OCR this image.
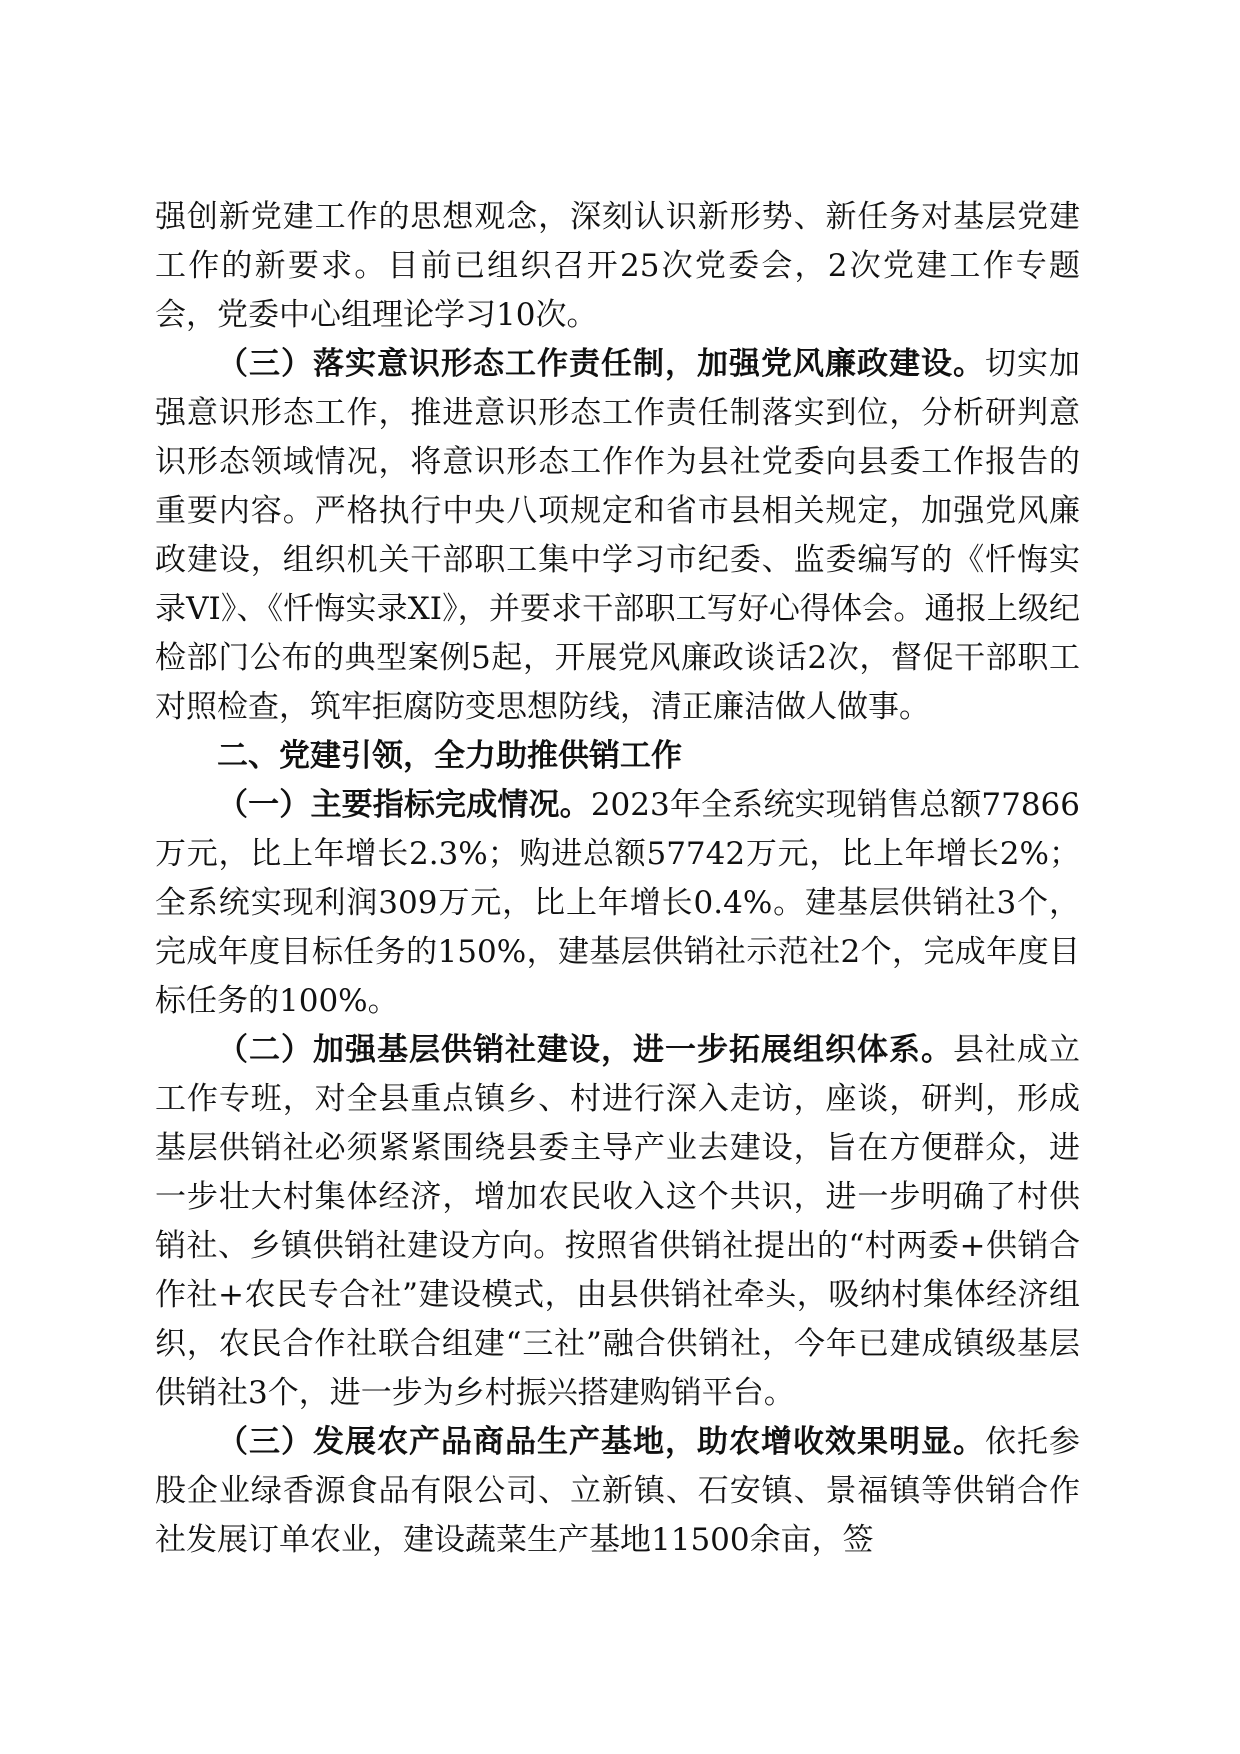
强创新党建工作的思想观念，深刻认识新形势、新任务对基层党建工作的新要求。目前已组织召开25次党委会，2次党建工作专题会，党委中心组理论学习10次。

（三）落实意识形态工作责任制，加强党风廉政建设。切实加强意识形态工作，推进意识形态工作责任制落实到位，分析研判意识形态领域情况，将意识形态工作作为县社党委向县委工作报告的重要内容。严格执行中央八项规定和省市县相关规定，加强党风廉政建设，组织机关干部职工集中学习市纪委、监委编写的《忏悔实录VI》、《忏悔实录XI》，并要求干部职工写好心得体会。通报上级纪检部门公布的典型案例5起，开展党风廉政谈话2次，督促干部职工对照检查，筑牢拒腐防变思想防线，清正廉洁做人做事。

二、党建引领，全力助推供销工作

（一）主要指标完成情况。2023年全系统实现销售总额77866万元，比上年增长2.3%；购进总额57742万元，比上年增长2%；全系统实现利润309万元，比上年增长0.4%。建基层供销社3个，完成年度目标任务的150%，建基层供销社示范社2个，完成年度目标任务的100%。

（二）加强基层供销社建设，进一步拓展组织体系。县社成立工作专班，对全县重点镇乡、村进行深入走访，座谈，研判，形成基层供销社必须紧紧围绕县委主导产业去建设，旨在方便群众，进一步壮大村集体经济，增加农民收入这个共识，进一步明确了村供销社、乡镇供销社建设方向。按照省供销社提出的“村两委+供销合作社+农民专合社”建设模式，由县供销社牵头，吸纳村集体经济组织，农民合作社联合组建“三社”融合供销社，今年已建成镇级基层供销社3个，进一步为乡村振兴搭建购销平台。

（三）发展农产品商品生产基地，助农增收效果明显。依托参股企业绿香源食品有限公司、立新镇、石安镇、景福镇等供销合作社发展订单农业，建设蔬菜生产基地11500余亩，签
